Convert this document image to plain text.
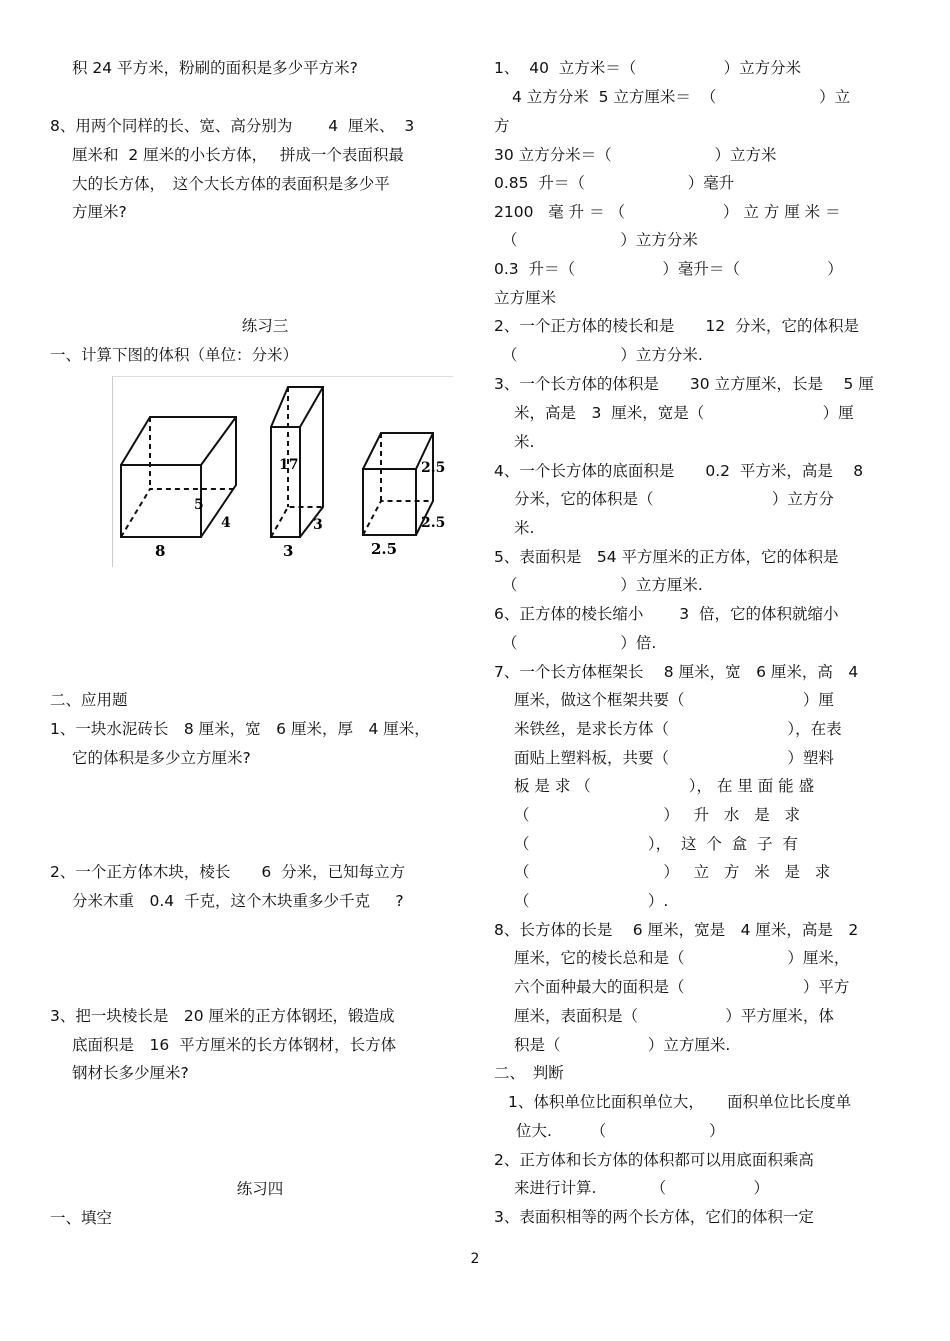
积 24 平方米，粉刷的面积是多少平方米?
8、用两个同样的长、宽、高分别为　　 4  厘米、  3
厘米和  2 厘米的小长方体，　 拼成一个表面积最
大的长方体，　这个大长方体的表面积是多少平
方厘米?
练习三
一、计算下图的体积（单位：分米）
8
4
5
17
3
3
2.5
2.5
2.5
二、应用题
1、一块水泥砖长　8 厘米，宽　6 厘米，厚　4 厘米，
它的体积是多少立方厘米?
2、一个正方体木块，棱长　　6  分米，已知每立方
分米木重　0.4  千克，这个木块重多少千克　  ?
3、把一块棱长是　20 厘米的正方体钢坯，锻造成
底面积是　16  平方厘米的长方体钢材，长方体
钢材长多少厘米?
练习四
一、填空
1、  40  立方米＝（　　　　　  ）立方分米
4 立方分米  5 立方厘米＝  （　　　　　　  ）立
方
30 立方分米＝（　　　　　　  ）立方米
0.85  升＝（　　　　　　  ）毫升
2100   毫 升 ＝ （　　　　　　 ） 立 方 厘 米 ＝
（　　　　　　  ）立方分米
0.3  升＝（　　　　　  ）毫升＝（　　　　　  ）
立方厘米
2、一个正方体的棱长和是　　12  分米，它的体积是
（　　　　　　  ）立方分米.
3、一个长方体的体积是　　30 立方厘米，长是　 5 厘
米，高是　3  厘米，宽是（　　　　　　　  ）厘
米.
4、一个长方体的底面积是　　0.2  平方米，高是　 8
分米，它的体积是（　　　　　　　  ）立方分
米.
5、表面积是　54 平方厘米的正方体，它的体积是
（　　　　　　  ）立方厘米.
6、正方体的棱长缩小　　 3  倍，它的体积就缩小
（　　　　　　  ）倍.
7、一个长方体框架长　 8 厘米，宽　6 厘米，高　4
厘米，做这个框架共要（　　　　　　　  ）厘
米铁丝，是求长方体（　　　　　　　  ），在表
面贴上塑料板，共要（　　　　　　　  ）塑料
板 是 求 （　　　　　　 ）， 在 里 面 能 盛
（　　　　　　　　  ）   升   水   是   求
（　　　　　　　  ），  这  个  盒  子  有
（　　　　　　　　  ）   立   方   米   是   求
（　　　　　　　  ）.
8、长方体的长是　 6 厘米，宽是　4 厘米，高是　2
厘米，它的棱长总和是（　　　　　　  ）厘米，
六个面种最大的面积是（　　　　　　　  ）平方
厘米，表面积是（　　　　　  ）平方厘米，体
积是（　　　　　  ）立方厘米.
二、　判断
1、体积单位比面积单位大，　　面积单位比长度单
位大.　　　（　　　　　　  ）
2、正方体和长方体的体积都可以用底面积乘高
来进行计算.　　　　（　　　　　  ）
3、表面积相等的两个长方体，它们的体积一定
2
